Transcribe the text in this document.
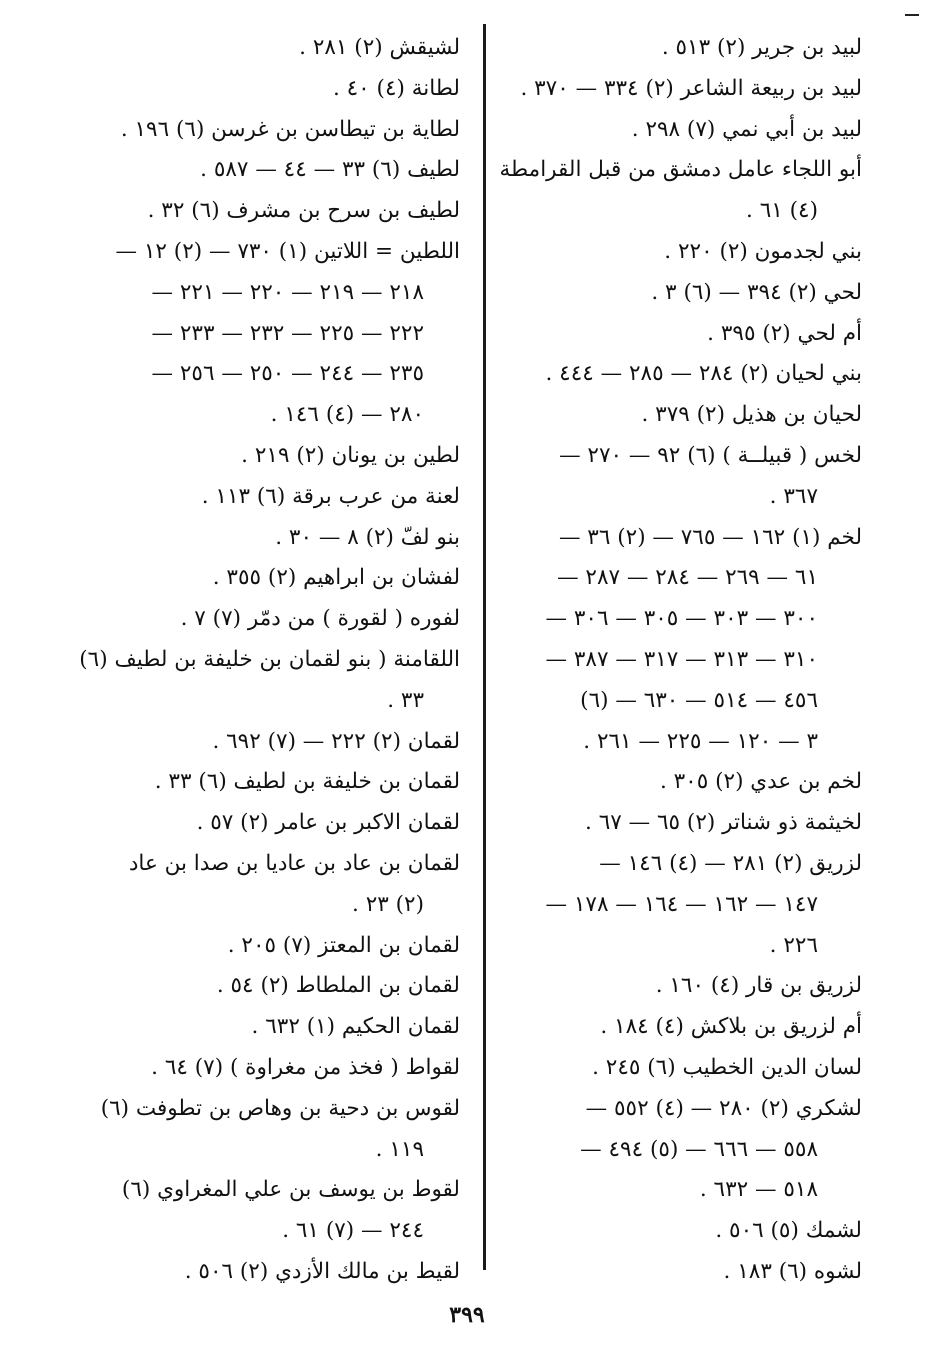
لبيد بن جرير (٢) ٥١٣ .
لبيد بن ربيعة الشاعر (٢) ٣٣٤ — ٣٧٠ .
لبيد بن أبي نمي (٧) ٢٩٨ .
أبو اللجاء عامل دمشق من قبل القرامطة
(٤) ٦١ .
بني لجدمون (٢) ٢٢٠ .
لحي (٢) ٣٩٤ — (٦) ٣ .
أم لحي (٢) ٣٩٥ .
بني لحيان (٢) ٢٨٤ — ٢٨٥ — ٤٤٤ .
لحيان بن هذيل (٢) ٣٧٩ .
لخس ( قبيلــة ) (٦) ٩٢ — ٢٧٠ —
٣٦٧ .
لخم (١) ١٦٢ — ٧٦٥ — (٢) ٣٦ —
٦١ — ٢٦٩ — ٢٨٤ — ٢٨٧ —
٣٠٠ — ٣٠٣ — ٣٠٥ — ٣٠٦ —
٣١٠ — ٣١٣ — ٣١٧ — ٣٨٧ —
٤٥٦ — ٥١٤ — ٦٣٠ — (٦)
٣ — ١٢٠ — ٢٢٥ — ٢٦١ .
لخم بن عدي (٢) ٣٠٥ .
لخيثمة ذو شناتر (٢) ٦٥ — ٦٧ .
لزريق (٢) ٢٨١ — (٤) ١٤٦ —
١٤٧ — ١٦٢ — ١٦٤ — ١٧٨ —
٢٢٦ .
لزريق بن قار (٤) ١٦٠ .
أم لزريق بن بلاكش (٤) ١٨٤ .
لسان الدين الخطيب (٦) ٢٤٥ .
لشكري (٢) ٢٨٠ — (٤) ٥٥٢ —
٥٥٨ — ٦٦٦ — (٥) ٤٩٤ —
٥١٨ — ٦٣٢ .
لشمك (٥) ٥٠٦ .
لشوه (٦) ١٨٣ .
لشيقش (٢) ٢٨١ .
لطانة (٤) ٤٠ .
لطاية بن تيطاسن بن غرسن (٦) ١٩٦ .
لطيف (٦) ٣٣ — ٤٤ — ٥٨٧ .
لطيف بن سرح بن مشرف (٦) ٣٢ .
اللطين = اللاتين (١) ٧٣٠ — (٢) ١٢ —
٢١٨ — ٢١٩ — ٢٢٠ — ٢٢١ —
٢٢٢ — ٢٢٥ — ٢٣٢ — ٢٣٣ —
٢٣٥ — ٢٤٤ — ٢٥٠ — ٢٥٦ —
٢٨٠ — (٤) ١٤٦ .
لطين بن يونان (٢) ٢١٩ .
لعنة من عرب برقة (٦) ١١٣ .
بنو لفّ (٢) ٨ — ٣٠ .
لفشان بن ابراهيم (٢) ٣٥٥ .
لفوره ( لقورة ) من دمّر (٧) ٧ .
اللقامنة ( بنو لقمان بن خليفة بن لطيف (٦)
٣٣ .
لقمان (٢) ٢٢٢ — (٧) ٦٩٢ .
لقمان بن خليفة بن لطيف (٦) ٣٣ .
لقمان الاكبر بن عامر (٢) ٥٧ .
لقمان بن عاد بن عاديا بن صدا بن عاد
(٢) ٢٣ .
لقمان بن المعتز (٧) ٢٠٥ .
لقمان بن الملطاط (٢) ٥٤ .
لقمان الحكيم (١) ٦٣٢ .
لقواط ( فخذ من مغراوة ) (٧) ٦٤ .
لقوس بن دحية بن وهاص بن تطوفت (٦)
١١٩ .
لقوط بن يوسف بن علي المغراوي (٦)
٢٤٤ — (٧) ٦١ .
لقيط بن مالك الأزدي (٢) ٥٠٦ .
٣٩٩
